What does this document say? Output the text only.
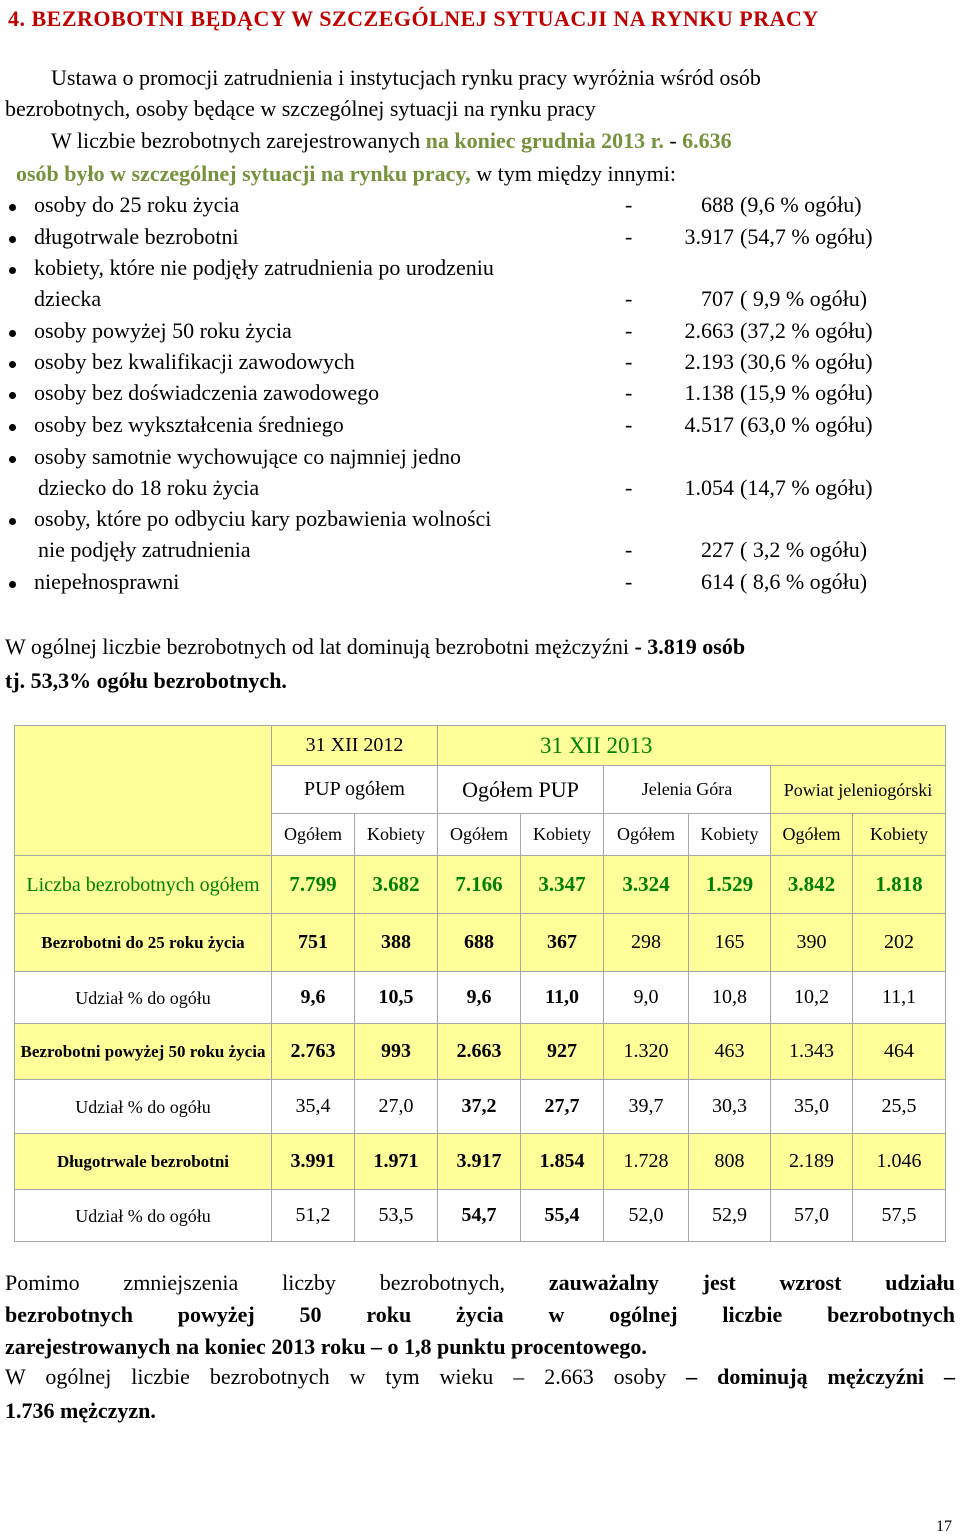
4. BEZROBOTNI BĘDĄCY W SZCZEGÓLNEJ SYTUACJI NA RYNKU PRACY
Ustawa o promocji zatrudnienia i instytucjach rynku pracy wyróżnia wśród osób
bezrobotnych, osoby będące w szczególnej sytuacji na rynku pracy
W liczbie bezrobotnych zarejestrowanych na koniec grudnia 2013 r. - 6.636
osób było w szczególnej sytuacji na rynku pracy, w tym między innymi:
osoby do 25 roku życia	-	688 (9,6 % ogółu)
długotrwale bezrobotni	-	3.917 (54,7 % ogółu)
kobiety, które nie podjęły zatrudnienia po urodzeniu
dziecka	-	707 ( 9,9 % ogółu)
osoby powyżej 50 roku życia	-	2.663 (37,2 % ogółu)
osoby bez kwalifikacji zawodowych	-	2.193 (30,6 % ogółu)
osoby bez doświadczenia zawodowego	-	1.138 (15,9 % ogółu)
osoby bez wykształcenia średniego	-	4.517 (63,0 % ogółu)
osoby samotnie wychowujące co najmniej jedno
dziecko do 18 roku życia	-	1.054 (14,7 % ogółu)
osoby, które po odbyciu kary pozbawienia wolności
nie podjęły zatrudnienia	-	227 ( 3,2 % ogółu)
niepełnosprawni	-	614 ( 8,6 % ogółu)
W ogólnej liczbie bezrobotnych od lat dominują bezrobotni mężczyźni - 3.819 osób
tj. 53,3% ogółu bezrobotnych.
	31 XII 2012		31 XII 2013					
	PUP ogółem		Ogółem PUP		Jelenia Góra		Powiat jeleniogórski	
	Ogółem	Kobiety	Ogółem	Kobiety	Ogółem	Kobiety	Ogółem	Kobiety
Liczba bezrobotnych ogółem	7.799	3.682	7.166	3.347	3.324	1.529	3.842	1.818
Bezrobotni do 25 roku życia	751	388	688	367	298	165	390	202
Udział % do ogółu	9,6	10,5	9,6	11,0	9,0	10,8	10,2	11,1
Bezrobotni powyżej 50 roku życia	2.763	993	2.663	927	1.320	463	1.343	464
Udział % do ogółu	35,4	27,0	37,2	27,7	39,7	30,3	35,0	25,5
Długotrwale bezrobotni	3.991	1.971	3.917	1.854	1.728	808	2.189	1.046
Udział % do ogółu	51,2	53,5	54,7	55,4	52,0	52,9	57,0	57,5
Pomimo zmniejszenia liczby bezrobotnych, zauważalny jest wzrost udziału
bezrobotnych powyżej 50 roku życia w ogólnej liczbie bezrobotnych
zarejestrowanych na koniec 2013 roku – o 1,8 punktu procentowego.
W ogólnej liczbie bezrobotnych w tym wieku – 2.663 osoby – dominują mężczyźni –
1.736 mężczyzn.
17
